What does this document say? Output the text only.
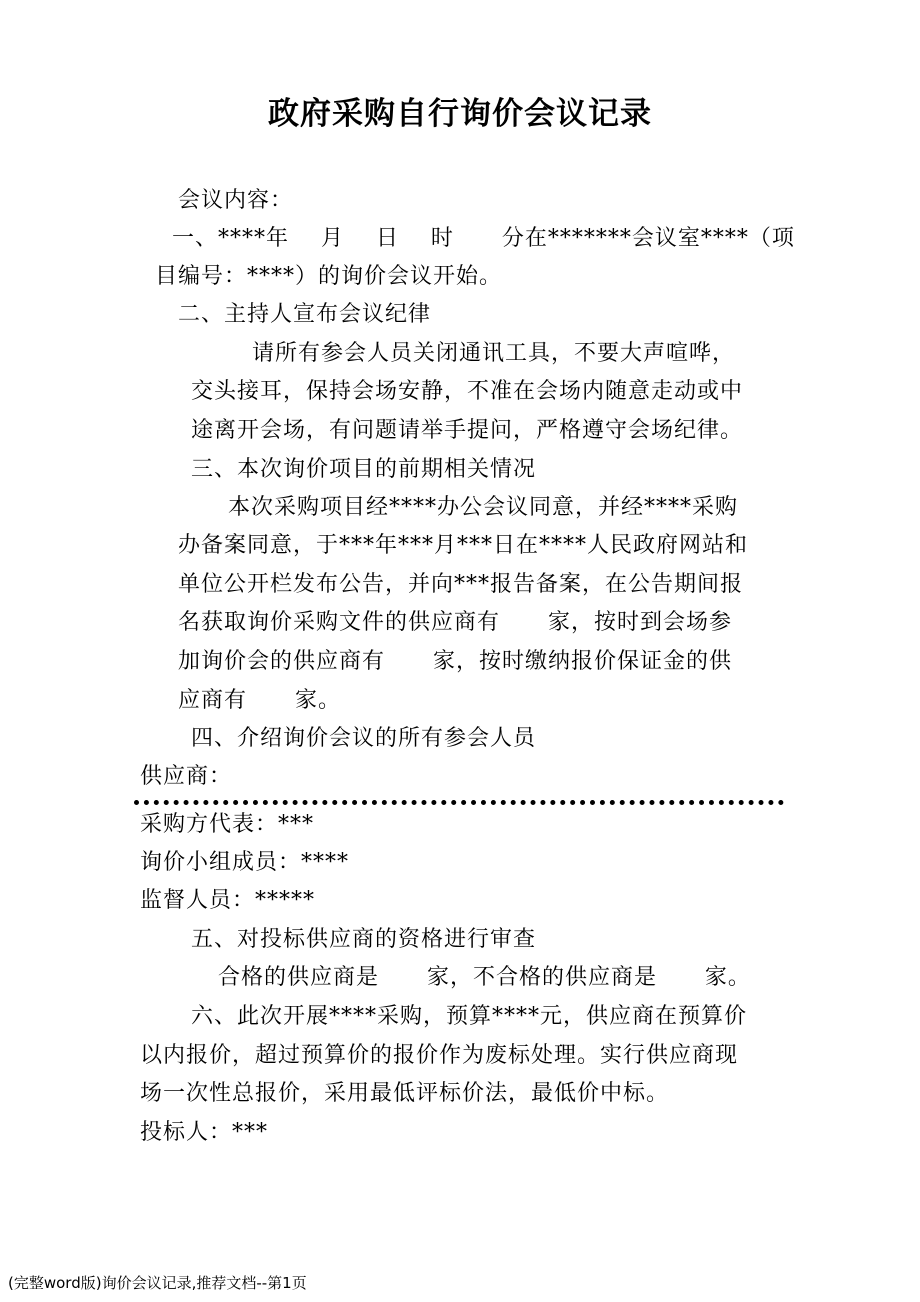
政府采购自行询价会议记录
会议内容：
一、****年    月    日    时      分在*******会议室****（项
目编号：****）的询价会议开始。
二、主持人宣布会议纪律
请所有参会人员关闭通讯工具，不要大声喧哗，
交头接耳，保持会场安静，不准在会场内随意走动或中
途离开会场，有问题请举手提问，严格遵守会场纪律。
三、本次询价项目的前期相关情况
本次采购项目经****办公会议同意，并经****采购
办备案同意，于***年***月***日在****人民政府网站和
单位公开栏发布公告，并向***报告备案，在公告期间报
名获取询价采购文件的供应商有      家，按时到会场参
加询价会的供应商有      家，按时缴纳报价保证金的供
应商有      家。
四、介绍询价会议的所有参会人员
供应商：
采购方代表：***
询价小组成员：****
监督人员：*****
五、对投标供应商的资格进行审查
合格的供应商是      家，不合格的供应商是      家。
六、此次开展****采购，预算****元，供应商在预算价
以内报价，超过预算价的报价作为废标处理。实行供应商现
场一次性总报价，采用最低评标价法，最低价中标。
投标人：***
(完整word版)询价会议记录,推荐文档--第1页
